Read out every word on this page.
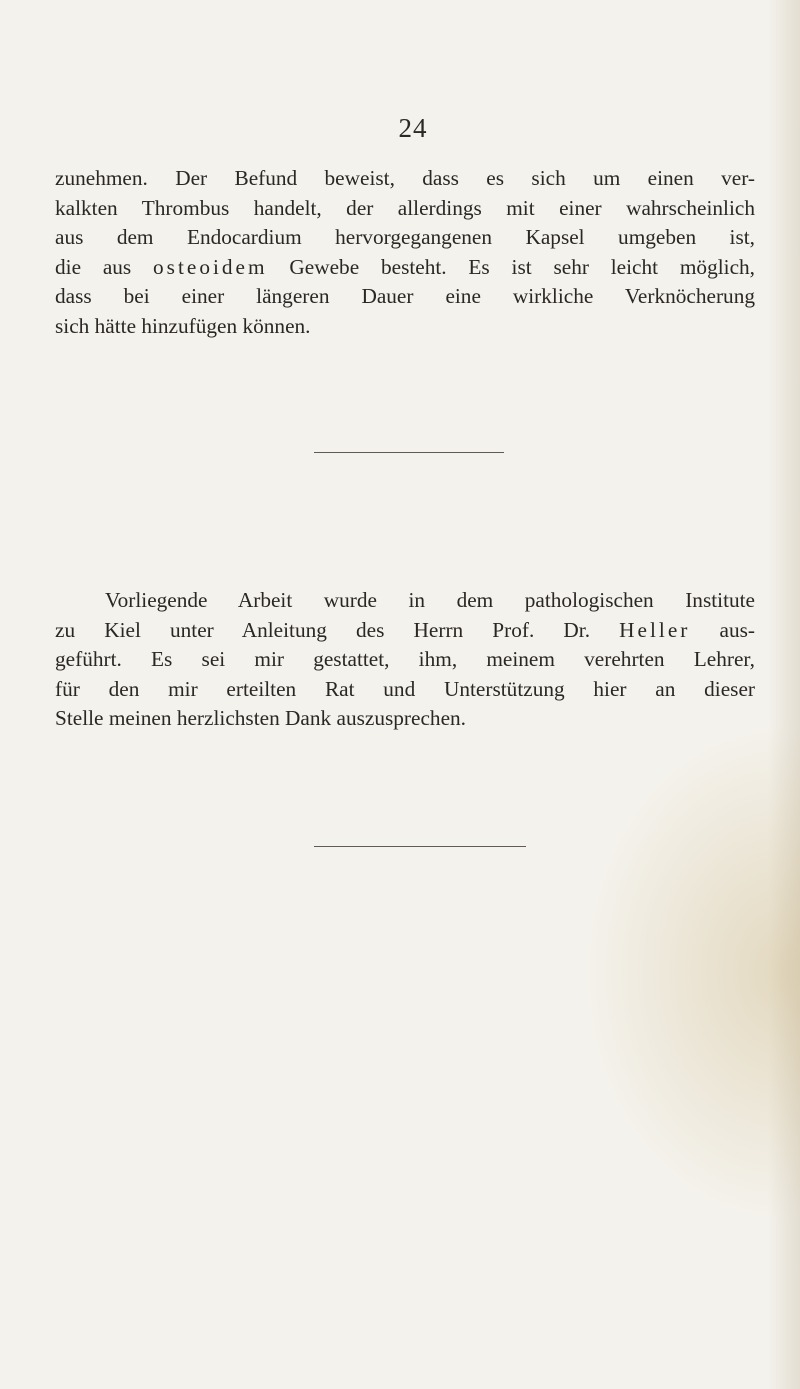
24

zunehmen. Der Befund beweist, dass es sich um einen ver-
kalkten Thrombus handelt, der allerdings mit einer wahrscheinlich
aus dem Endocardium hervorgegangenen Kapsel umgeben ist,
die aus osteoidem Gewebe besteht. Es ist sehr leicht möglich,
dass bei einer längeren Dauer eine wirkliche Verknöcherung
sich hätte hinzufügen können.

Vorliegende Arbeit wurde in dem pathologischen Institute
zu Kiel unter Anleitung des Herrn Prof. Dr. Heller aus-
geführt. Es sei mir gestattet, ihm, meinem verehrten Lehrer,
für den mir erteilten Rat und Unterstützung hier an dieser
Stelle meinen herzlichsten Dank auszusprechen.
